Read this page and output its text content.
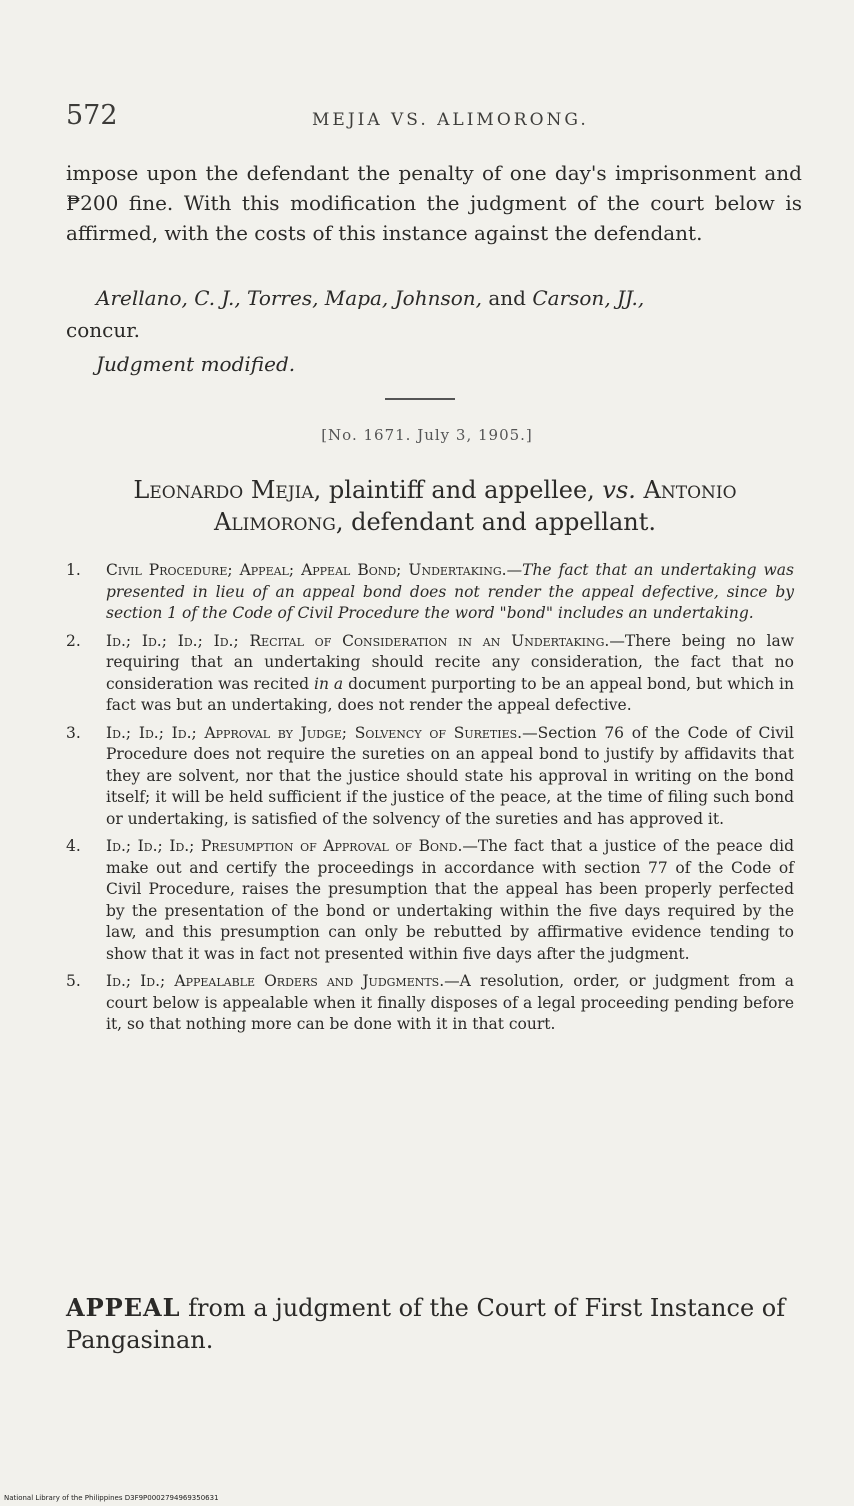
572	MEJIA VS. ALIMORONG.

impose upon the defendant the penalty of one day's imprisonment and ₱200 fine. With this modification the judgment of the court below is affirmed, with the costs of this instance against the defendant.

Arellano, C. J., Torres, Mapa, Johnson, and Carson, JJ.,
concur.
Judgment modified.
[No. 1671. July 3, 1905.]
Leonardo Mejia, plaintiff and appellee, vs. Antonio Alimorong, defendant and appellant.
1. Civil Procedure; Appeal; Appeal Bond; Undertaking.—The fact that an undertaking was presented in lieu of an appeal bond does not render the appeal defective, since by section 1 of the Code of Civil Procedure the word "bond" includes an undertaking.
2. Id.; Id.; Id.; Id.; Recital of Consideration in an Undertaking.—There being no law requiring that an undertaking should recite any consideration, the fact that no consideration was recited in a document purporting to be an appeal bond, but which in fact was but an undertaking, does not render the appeal defective.
3. Id.; Id.; Id.; Approval by Judge; Solvency of Sureties.—Section 76 of the Code of Civil Procedure does not require the sureties on an appeal bond to justify by affidavits that they are solvent, nor that the justice should state his approval in writing on the bond itself; it will be held sufficient if the justice of the peace, at the time of filing such bond or undertaking, is satisfied of the solvency of the sureties and has approved it.
4. Id.; Id.; Id.; Presumption of Approval of Bond.—The fact that a justice of the peace did make out and certify the proceedings in accordance with section 77 of the Code of Civil Procedure, raises the presumption that the appeal has been properly perfected by the presentation of the bond or undertaking within the five days required by the law, and this presumption can only be rebutted by affirmative evidence tending to show that it was in fact not presented within five days after the judgment.
5. Id.; Id.; Appealable Orders and Judgments.—A resolution, order, or judgment from a court below is appealable when it finally disposes of a legal proceeding pending before it, so that nothing more can be done with it in that court.
APPEAL from a judgment of the Court of First Instance of Pangasinan.
National Library of the Philippines D3F9P0002794969350631
